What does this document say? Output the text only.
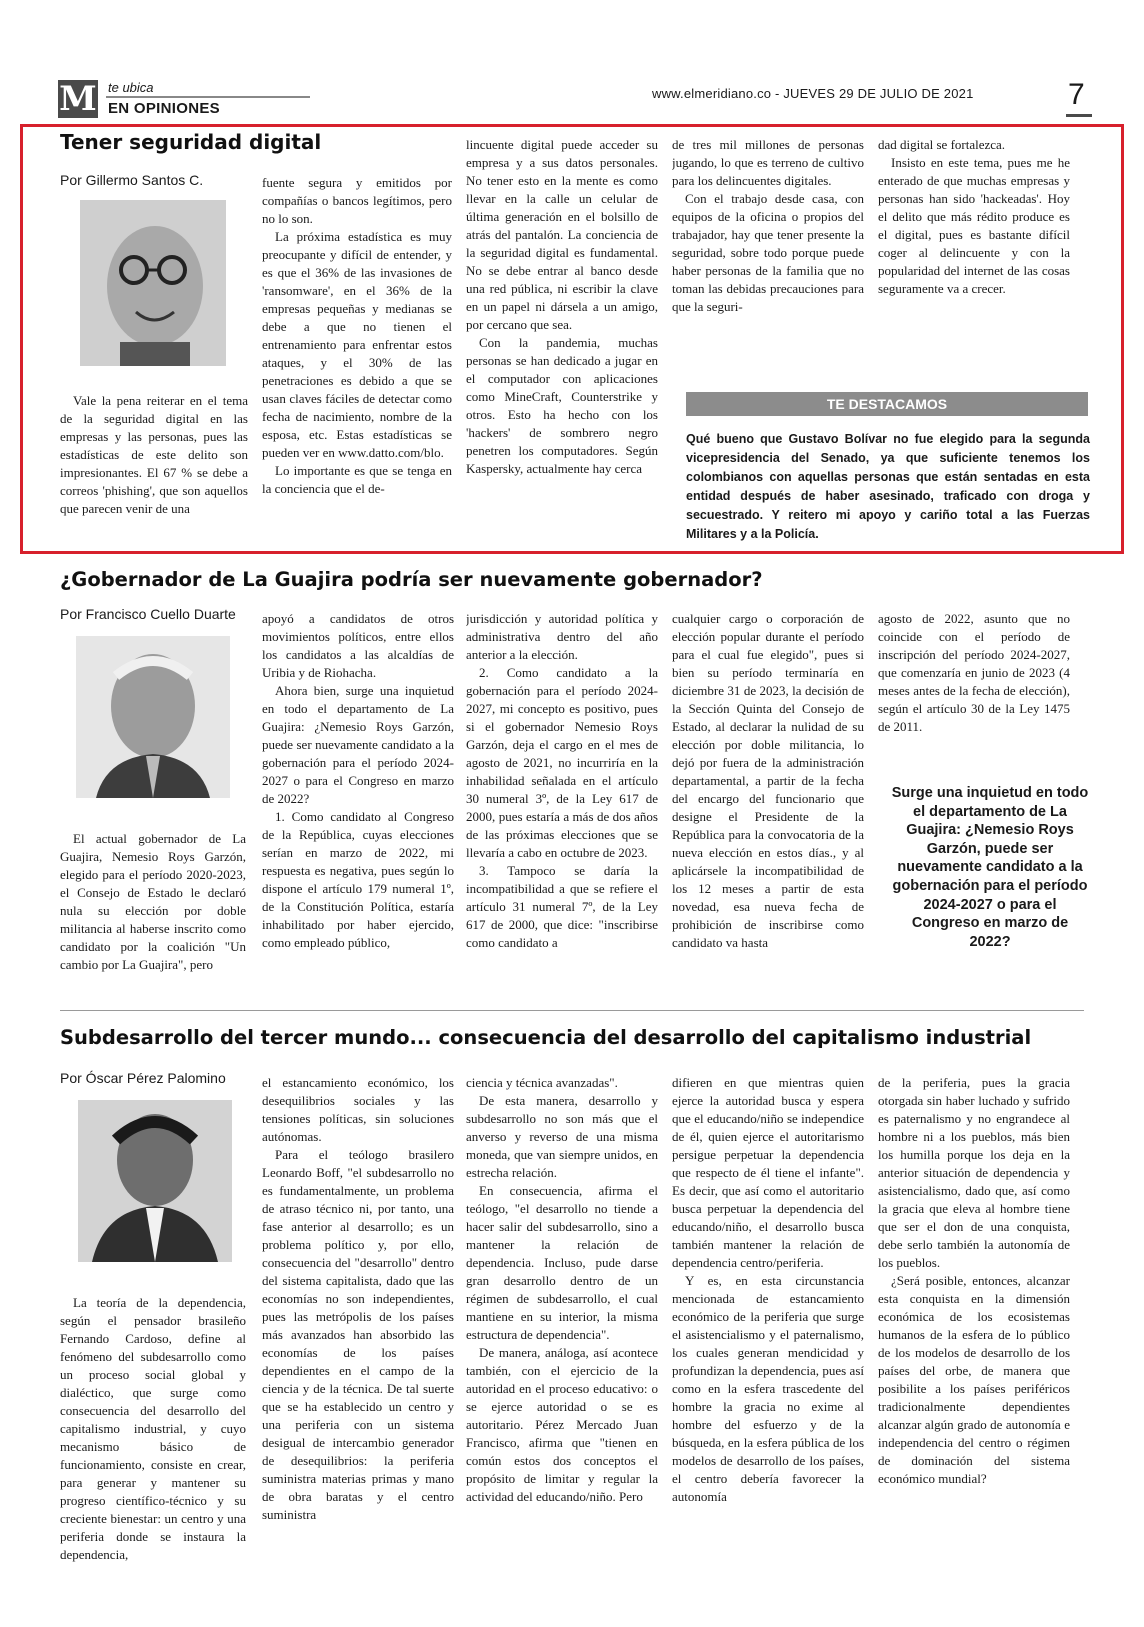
M te ubica
EN OPINIONES
www.elmeridiano.co - JUEVES 29 DE JULIO DE 2021	7
Tener seguridad digital
Por Gillermo Santos C.

Vale la pena reiterar en el tema de la seguridad digital en las empresas y las personas, pues las estadísticas de este delito son impresionantes. El 67 % se debe a correos 'phishing', que son aquellos que parecen venir de una

fuente segura y emitidos por compañías o bancos legítimos, pero no lo son.

La próxima estadística es muy preocupante y difícil de entender, y es que el 36% de las invasiones de 'ransomware', en el 36% de la empresas pequeñas y medianas se debe a que no tienen el entrenamiento para enfrentar estos ataques, y el 30% de las penetraciones es debido a que se usan claves fáciles de detectar como fecha de nacimiento, nombre de la esposa, etc. Estas estadísticas se pueden ver en www.datto.com/blo.

Lo importante es que se tenga en la conciencia que el de-

lincuente digital puede acceder su empresa y a sus datos personales. No tener esto en la mente es como llevar en la calle un celular de última generación en el bolsillo de atrás del pantalón. La conciencia de la seguridad digital es fundamental. No se debe entrar al banco desde una red pública, ni escribir la clave en un papel ni dársela a un amigo, por cercano que sea.

Con la pandemia, muchas personas se han dedicado a jugar en el computador con aplicaciones como MineCraft, Counterstrike y otros. Esto ha hecho con los 'hackers' de sombrero negro penetren los computadores. Según Kaspersky, actualmente hay cerca

de tres mil millones de personas jugando, lo que es terreno de cultivo para los delincuentes digitales.

Con el trabajo desde casa, con equipos de la oficina o propios del trabajador, hay que tener presente la seguridad, sobre todo porque puede haber personas de la familia que no toman las debidas precauciones para que la seguri-

dad digital se fortalezca.

Insisto en este tema, pues me he enterado de que muchas empresas y personas han sido 'hackeadas'. Hoy el delito que más rédito produce es el digital, pues es bastante difícil coger al delincuente y con la popularidad del internet de las cosas seguramente va a crecer.

TE DESTACAMOS
Qué bueno que Gustavo Bolívar no fue elegido para la segunda vicepresidencia del Senado, ya que suficiente tenemos los colombianos con aquellas personas que están sentadas en esta entidad después de haber asesinado, traficado con droga y secuestrado. Y reitero mi apoyo y cariño total a las Fuerzas Militares y a la Policía.
¿Gobernador de La Guajira podría ser nuevamente gobernador?
Por Francisco Cuello Duarte

El actual gobernador de La Guajira, Nemesio Roys Garzón, elegido para el período 2020-2023, el Consejo de Estado le declaró nula su elección por doble militancia al haberse inscrito como candidato por la coalición "Un cambio por La Guajira", pero

apoyó a candidatos de otros movimientos políticos, entre ellos los candidatos a las alcaldías de Uribia y de Riohacha.

Ahora bien, surge una inquietud en todo el departamento de La Guajira: ¿Nemesio Roys Garzón, puede ser nuevamente candidato a la gobernación para el período 2024-2027 o para el Congreso en marzo de 2022?

1. Como candidato al Congreso de la República, cuyas elecciones serían en marzo de 2022, mi respuesta es negativa, pues según lo dispone el artículo 179 numeral 1º, de la Constitución Política, estaría inhabilitado por haber ejercido, como empleado público,

jurisdicción y autoridad política y administrativa dentro del año anterior a la elección.

2. Como candidato a la gobernación para el período 2024-2027, mi concepto es positivo, pues si el gobernador Nemesio Roys Garzón, deja el cargo en el mes de agosto de 2021, no incurriría en la inhabilidad señalada en el artículo 30 numeral 3º, de la Ley 617 de 2000, pues estaría a más de dos años de las próximas elecciones que se llevaría a cabo en octubre de 2023.

3. Tampoco se daría la incompatibilidad a que se refiere el artículo 31 numeral 7º, de la Ley 617 de 2000, que dice: "inscribirse como candidato a

cualquier cargo o corporación de elección popular durante el período para el cual fue elegido", pues si bien su período terminaría en diciembre 31 de 2023, la decisión de la Sección Quinta del Consejo de Estado, al declarar la nulidad de su elección por doble militancia, lo dejó por fuera de la administración departamental, a partir de la fecha del encargo del funcionario que designe el Presidente de la República para la convocatoria de la nueva elección en estos días., y al aplicársele la incompatibilidad de los 12 meses a partir de esta novedad, esa nueva fecha de prohibición de inscribirse como candidato va hasta

agosto de 2022, asunto que no coincide con el período de inscripción del período 2024-2027, que comenzaría en junio de 2023 (4 meses antes de la fecha de elección), según el artículo 30 de la Ley 1475 de 2011.

Surge una inquietud en todo el departamento de La Guajira: ¿Nemesio Roys Garzón, puede ser nuevamente candidato a la gobernación para el período 2024-2027 o para el Congreso en marzo de 2022?
Subdesarrollo del tercer mundo... consecuencia del desarrollo del capitalismo industrial
Por Óscar Pérez Palomino

La teoría de la dependencia, según el pensador brasileño Fernando Cardoso, define al fenómeno del subdesarrollo como un proceso social global y dialéctico, que surge como consecuencia del desarrollo del capitalismo industrial, y cuyo mecanismo básico de funcionamiento, consiste en crear, para generar y mantener su progreso científico-técnico y su creciente bienestar: un centro y una periferia donde se instaura la dependencia,

el estancamiento económico, los desequilibrios sociales y las tensiones políticas, sin soluciones autónomas.

Para el teólogo brasilero Leonardo Boff, "el subdesarrollo no es fundamentalmente, un problema de atraso técnico ni, por tanto, una fase anterior al desarrollo; es un problema político y, por ello, consecuencia del "desarrollo" dentro del sistema capitalista, dado que las economías no son independientes, pues las metrópolis de los países más avanzados han absorbido las economías de los países dependientes en el campo de la ciencia y de la técnica. De tal suerte que se ha establecido un centro y una periferia con un sistema desigual de intercambio generador de desequilibrios: la periferia suministra materias primas y mano de obra baratas y el centro suministra

ciencia y técnica avanzadas".

De esta manera, desarrollo y subdesarrollo no son más que el anverso y reverso de una misma moneda, que van siempre unidos, en estrecha relación.

En consecuencia, afirma el teólogo, "el desarrollo no tiende a hacer salir del subdesarrollo, sino a mantener la relación de dependencia. Incluso, pude darse gran desarrollo dentro de un régimen de subdesarrollo, el cual mantiene en su interior, la misma estructura de dependencia".

De manera, análoga, así acontece también, con el ejercicio de la autoridad en el proceso educativo: o se ejerce autoridad o se es autoritario. Pérez Mercado Juan Francisco, afirma que "tienen en común estos dos conceptos el propósito de limitar y regular la actividad del educando/niño. Pero

difieren en que mientras quien ejerce la autoridad busca y espera que el educando/niño se independice de él, quien ejerce el autoritarismo persigue perpetuar la dependencia que respecto de él tiene el infante". Es decir, que así como el autoritario busca perpetuar la dependencia del educando/niño, el desarrollo busca también mantener la relación de dependencia centro/periferia.

Y es, en esta circunstancia mencionada de estancamiento económico de la periferia que surge el asistencialismo y el paternalismo, los cuales generan mendicidad y profundizan la dependencia, pues así como en la esfera trascedente del hombre la gracia no exime al hombre del esfuerzo y de la búsqueda, en la esfera pública de los modelos de desarrollo de los países, el centro debería favorecer la autonomía

de la periferia, pues la gracia otorgada sin haber luchado y sufrido es paternalismo y no engrandece al hombre ni a los pueblos, más bien los humilla porque los deja en la anterior situación de dependencia y asistencialismo, dado que, así como la gracia que eleva al hombre tiene que ser el don de una conquista, debe serlo también la autonomía de los pueblos.

¿Será posible, entonces, alcanzar esta conquista en la dimensión económica de los ecosistemas humanos de la esfera de lo público de los modelos de desarrollo de los países del orbe, de manera que posibilite a los países periféricos tradicionalmente dependientes alcanzar algún grado de autonomía e independencia del centro o régimen de dominación del sistema económico mundial?
